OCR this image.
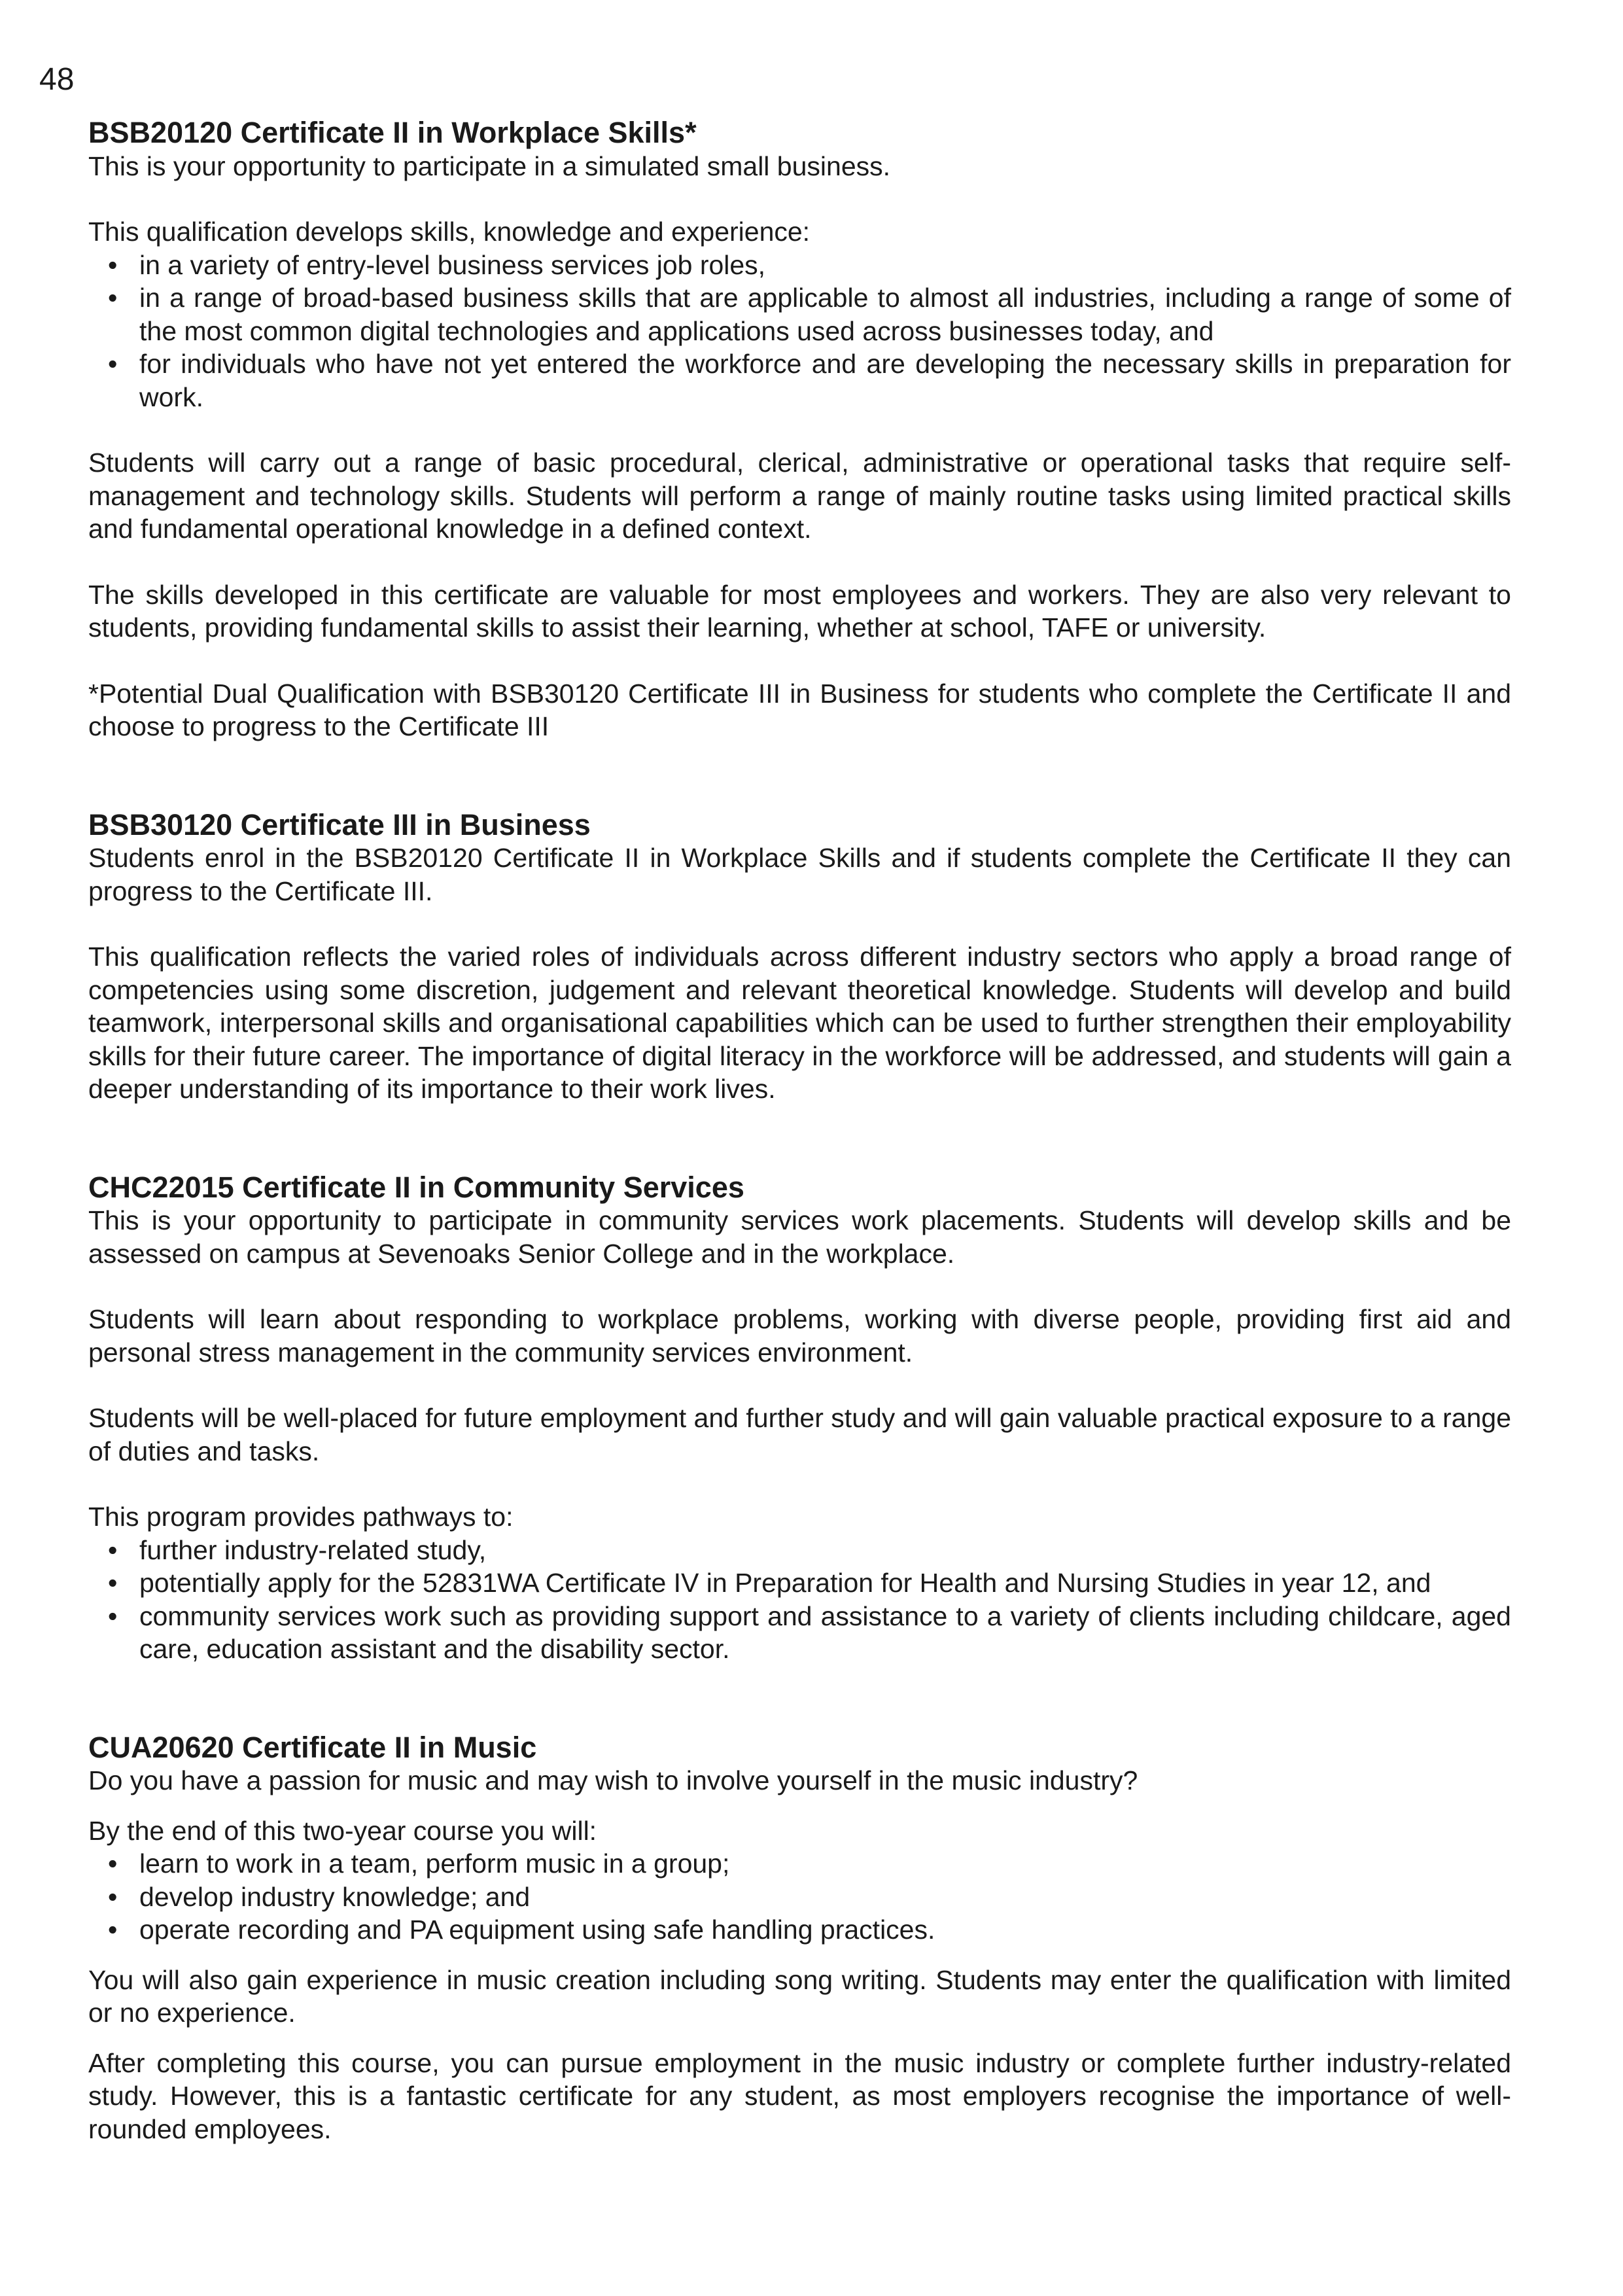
48
BSB20120 Certificate II in Workplace Skills*

This is your opportunity to participate in a simulated small business.

This qualification develops skills, knowledge and experience:

• in a variety of entry-level business services job roles,
• in a range of broad-based business skills that are applicable to almost all industries, including a range of some of the most common digital technologies and applications used across businesses today, and
• for individuals who have not yet entered the workforce and are developing the necessary skills in preparation for work.

Students will carry out a range of basic procedural, clerical, administrative or operational tasks that require self-management and technology skills. Students will perform a range of mainly routine tasks using limited practical skills and fundamental operational knowledge in a defined context.

The skills developed in this certificate are valuable for most employees and workers. They are also very relevant to students, providing fundamental skills to assist their learning, whether at school, TAFE or university.

*Potential Dual Qualification with BSB30120 Certificate III in Business for students who complete the Certificate II and choose to progress to the Certificate III

BSB30120 Certificate III in Business

Students enrol in the BSB20120 Certificate II in Workplace Skills and if students complete the Certificate II they can progress to the Certificate III.

This qualification reflects the varied roles of individuals across different industry sectors who apply a broad range of competencies using some discretion, judgement and relevant theoretical knowledge. Students will develop and build teamwork, interpersonal skills and organisational capabilities which can be used to further strengthen their employability skills for their future career. The importance of digital literacy in the workforce will be addressed, and students will gain a deeper understanding of its importance to their work lives.

CHC22015 Certificate II in Community Services

This is your opportunity to participate in community services work placements. Students will develop skills and be assessed on campus at Sevenoaks Senior College and in the workplace.

Students will learn about responding to workplace problems, working with diverse people, providing first aid and personal stress management in the community services environment.

Students will be well-placed for future employment and further study and will gain valuable practical exposure to a range of duties and tasks.

This program provides pathways to:

• further industry-related study,
• potentially apply for the 52831WA Certificate IV in Preparation for Health and Nursing Studies in year 12, and
• community services work such as providing support and assistance to a variety of clients including childcare, aged care, education assistant and the disability sector.
CUA20620 Certificate II in Music

Do you have a passion for music and may wish to involve yourself in the music industry?

By the end of this two-year course you will:

• learn to work in a team, perform music in a group;
• develop industry knowledge; and
• operate recording and PA equipment using safe handling practices.

You will also gain experience in music creation including song writing. Students may enter the qualification with limited or no experience.

After completing this course, you can pursue employment in the music industry or complete further industry-related study. However, this is a fantastic certificate for any student, as most employers recognise the importance of well-rounded employees.
